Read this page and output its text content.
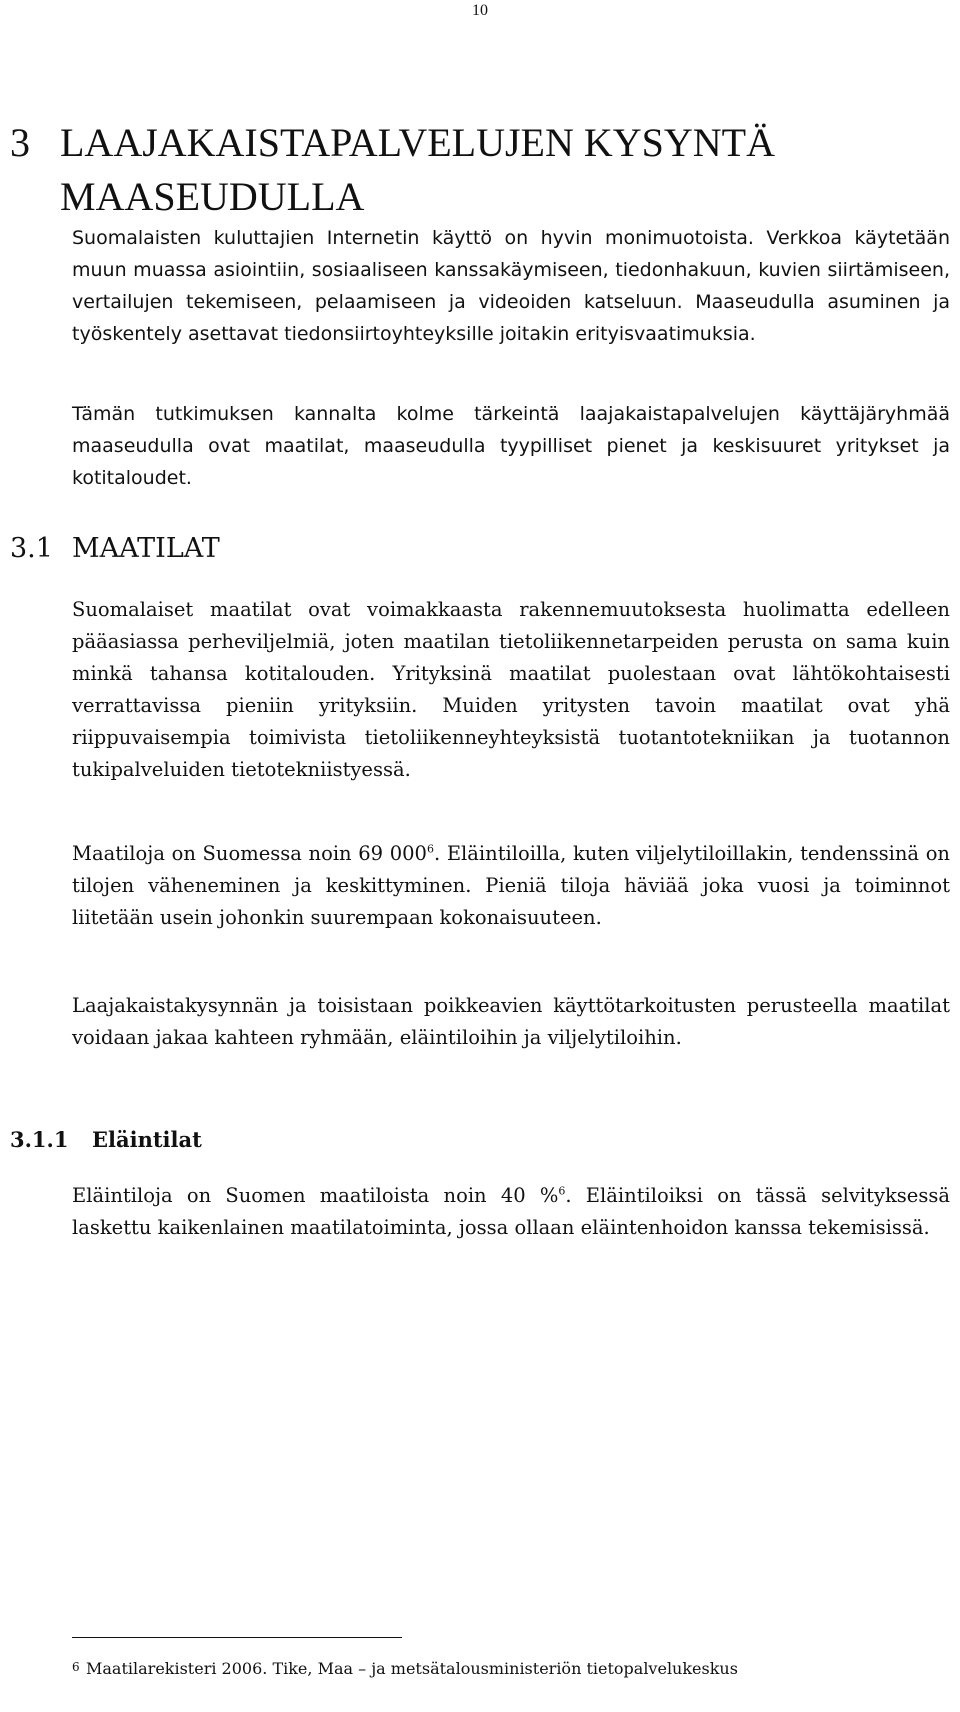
10
3 LAAJAKAISTAPALVELUJEN KYSYNTÄ MAASEUDULLA

Suomalaisten kuluttajien Internetin käyttö on hyvin monimuotoista. Verkkoa käytetään muun muassa asiointiin, sosiaaliseen kanssakäymiseen, tiedonhakuun, kuvien siirtämiseen, vertailujen tekemiseen, pelaamiseen ja videoiden katseluun. Maaseudulla asuminen ja työskentely asettavat tiedonsiirtoyhteyksille joitakin erityisvaatimuksia.

Tämän tutkimuksen kannalta kolme tärkeintä laajakaistapalvelujen käyttäjäryhmää maaseudulla ovat maatilat, maaseudulla tyypilliset pienet ja keskisuuret yritykset ja kotitaloudet.

3.1 MAATILAT

Suomalaiset maatilat ovat voimakkaasta rakennemuutoksesta huolimatta edelleen pääasiassa perheviljelmiä, joten maatilan tietoliikennetarpeiden perusta on sama kuin minkä tahansa kotitalouden. Yrityksinä maatilat puolestaan ovat lähtökohtaisesti verrattavissa pieniin yrityksiin. Muiden yritysten tavoin maatilat ovat yhä riippuvaisempia toimivista tietoliikenneyhteyksistä tuotantotekniikan ja tuotannon tukipalveluiden tietotekniistyessä.

Maatiloja on Suomessa noin 69 $000^6$. Eläintiloilla, kuten viljelytiloillakin, tendenssinä on tilojen väheneminen ja keskittyminen. Pieniä tiloja häviää joka vuosi ja toiminnot liitetään usein johonkin suurempaan kokonaisuuteen.

Laajakaistakysynnän ja toisistaan poikkeavien käyttötarkoitusten perusteella maatilat voidaan jakaa kahteen ryhmään, eläintiloihin ja viljelytiloihin.

3.1.1 Eläintilat

Eläintiloja on Suomen maatiloista noin 40 %$^6$. Eläintiloiksi on tässä selvityksessä laskettu kaikenlainen maatilatoiminta, jossa ollaan eläintenhoidon kanssa tekemisissä.

6 Maatilarekisteri 2006. Tike, Maa – ja metsätalousministeriön tietopalvelukeskus
